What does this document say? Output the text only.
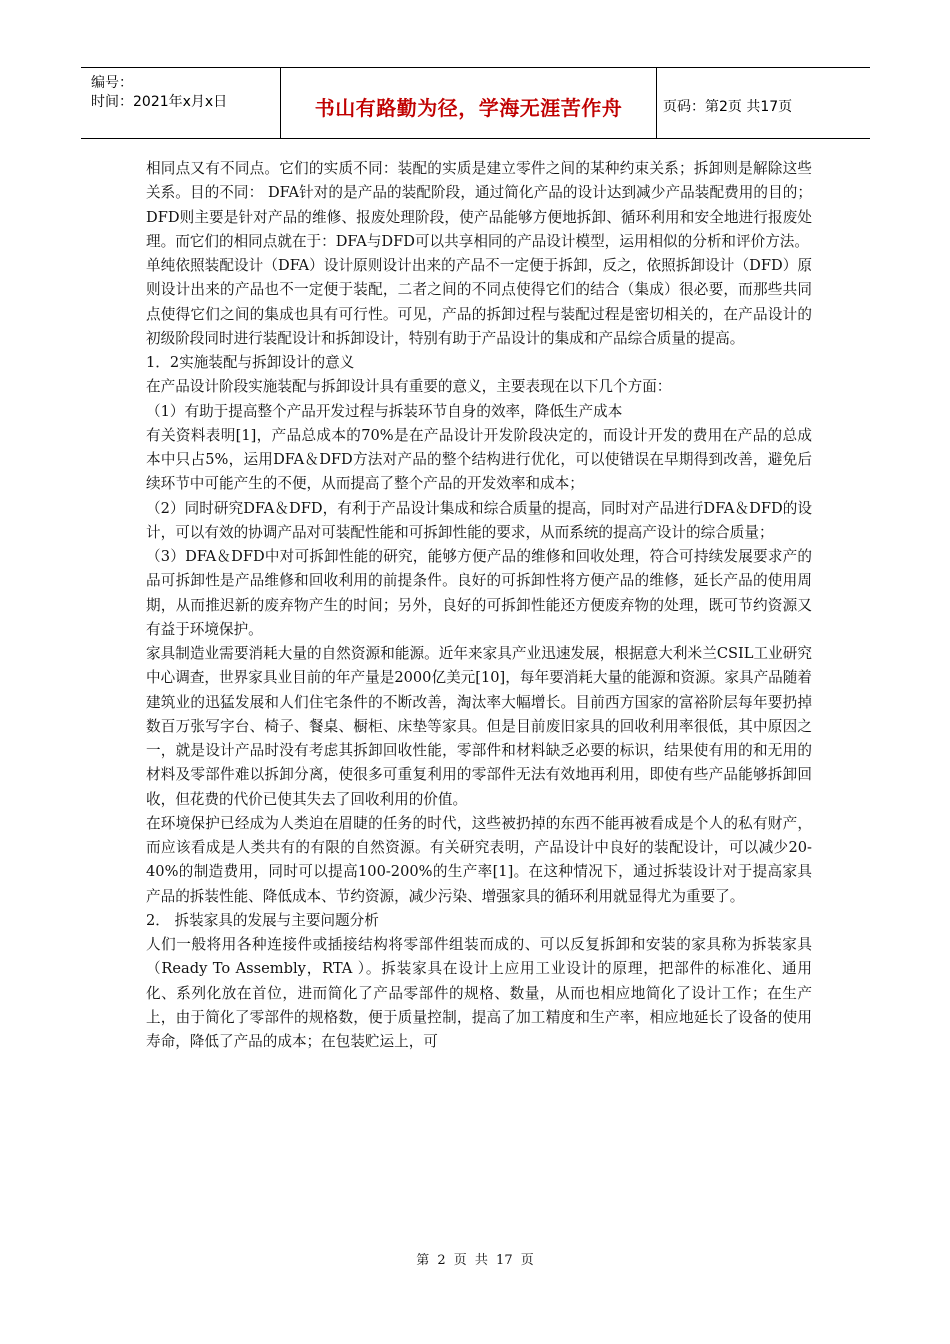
编号：
时间：2021年x月x日	书山有路勤为径，学海无涯苦作舟	页码：第2页 共17页

相同点又有不同点。它们的实质不同：装配的实质是建立零件之间的某种约束关系；拆卸则是解除这些关系。目的不同： DFA针对的是产品的装配阶段，通过简化产品的设计达到减少产品装配费用的目的；DFD则主要是针对产品的维修、报废处理阶段，使产品能够方便地拆卸、循环利用和安全地进行报废处理。而它们的相同点就在于：DFA与DFD可以共享相同的产品设计模型，运用相似的分析和评价方法。

单纯依照装配设计（DFA）设计原则设计出来的产品不一定便于拆卸，反之，依照拆卸设计（DFD）原则设计出来的产品也不一定便于装配，二者之间的不同点使得它们的结合（集成）很必要，而那些共同点使得它们之间的集成也具有可行性。可见，产品的拆卸过程与装配过程是密切相关的，在产品设计的初级阶段同时进行装配设计和拆卸设计，特别有助于产品设计的集成和产品综合质量的提高。

1．2实施装配与拆卸设计的意义

在产品设计阶段实施装配与拆卸设计具有重要的意义，主要表现在以下几个方面：

（1）有助于提高整个产品开发过程与拆装环节自身的效率，降低生产成本

有关资料表明[1]，产品总成本的70%是在产品设计开发阶段决定的，而设计开发的费用在产品的总成本中只占5%，运用DFA＆DFD方法对产品的整个结构进行优化，可以使错误在早期得到改善，避免后续环节中可能产生的不便，从而提高了整个产品的开发效率和成本；

（2）同时研究DFA＆DFD，有利于产品设计集成和综合质量的提高，同时对产品进行DFA＆DFD的设计，可以有效的协调产品对可装配性能和可拆卸性能的要求，从而系统的提高产设计的综合质量；

（3）DFA＆DFD中对可拆卸性能的研究，能够方便产品的维修和回收处理，符合可持续发展要求产的品可拆卸性是产品维修和回收利用的前提条件。良好的可拆卸性将方便产品的维修，延长产品的使用周期，从而推迟新的废弃物产生的时间；另外，良好的可拆卸性能还方便废弃物的处理，既可节约资源又有益于环境保护。

家具制造业需要消耗大量的自然资源和能源。近年来家具产业迅速发展，根据意大利米兰CSIL工业研究中心调查，世界家具业目前的年产量是2000亿美元[10]，每年要消耗大量的能源和资源。家具产品随着建筑业的迅猛发展和人们住宅条件的不断改善，淘汰率大幅增长。目前西方国家的富裕阶层每年要扔掉数百万张写字台、椅子、餐桌、橱柜、床垫等家具。但是目前废旧家具的回收利用率很低，其中原因之一，就是设计产品时没有考虑其拆卸回收性能，零部件和材料缺乏必要的标识，结果使有用的和无用的材料及零部件难以拆卸分离，使很多可重复利用的零部件无法有效地再利用，即使有些产品能够拆卸回收，但花费的代价已使其失去了回收利用的价值。

在环境保护已经成为人类迫在眉睫的任务的时代，这些被扔掉的东西不能再被看成是个人的私有财产，而应该看成是人类共有的有限的自然资源。有关研究表明，产品设计中良好的装配设计，可以减少20-40%的制造费用，同时可以提高100-200%的生产率[1]。在这种情况下，通过拆装设计对于提高家具产品的拆装性能、降低成本、节约资源，减少污染、增强家具的循环利用就显得尤为重要了。

2． 拆装家具的发展与主要问题分析

人们一般将用各种连接件或插接结构将零部件组装而成的、可以反复拆卸和安装的家具称为拆装家具（Ready To Assembly，RTA ）。拆装家具在设计上应用工业设计的原理，把部件的标准化、通用化、系列化放在首位，进而简化了产品零部件的规格、数量，从而也相应地简化了设计工作；在生产上，由于简化了零部件的规格数，便于质量控制，提高了加工精度和生产率，相应地延长了设备的使用寿命，降低了产品的成本；在包装贮运上，可

第 2 页 共 17 页
